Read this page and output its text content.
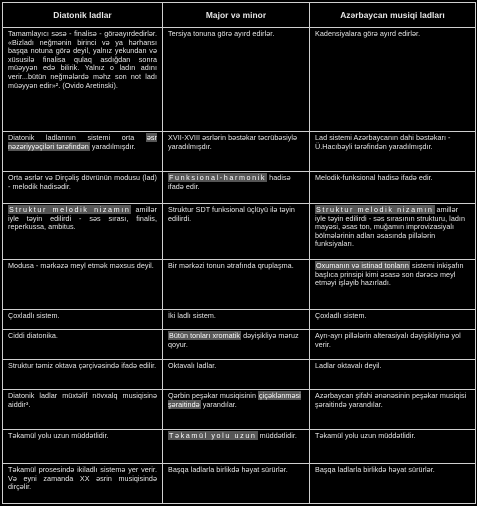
Diatonik ladlar	Major və minor	Azərbaycan musiqi ladları
Tamamlayıcı səsə - finalisə - görəayırdedirlər. «Bizladı neğmənin birinci və ya hərhansı başqa notuna görə deyil, yalnız yekundan və xüsusilə finalisa qulaq asdığdan sonra müəyyən edə bilirik. Yalnız o ladın adını verir...bütün neğmələrdə məhz son not ladı müəyyən edir»². (Ovido Aretinski).	Tersiya tonuna görə ayırd edirlər.	Kadensiyalara görə ayırd edirlər.
Diatonik ladlarının sistemi orta əsr nəzəriyyəçiləri tərəfindən yaradılmışdır.	XVII-XVIII əsrlərin bəstəkar təcrübəsiylə yaradılmışdır.	Lad sistemi Azərbaycanın dahi bəstəkarı - Ü.Hacıbəyli tərəfindən yaradılmışdır.
Orta əsrlər və Dirçəliş dövrünün modusu (lad) - melodik hadisədir.	Funksional-harmonik hadisə ifadə edir.	Melodik-funksional hadisə ifadə edir.
Struktur melodik nizamın amillər iyle təyin edilirdi - səs sırası, finalis, reperkussa, ambitus.	Struktur SDT funksional üçlüyü ilə təyin edilirdi.	Struktur melodik nizamın amillər iyle təyin edilirdi - səs sırasının strukturu, ladın mayəsi, əsas ton, muğamın improvizasiyalı bölmələrinin adları əsasında pillələrin funksiyaları.
Modusa - mərkəzə meyl etmək məxsus deyil.	Bir mərkəzi tonun ətrafında qruplaşma.	Oxumanın və istinad tonların sistemi inkişafın başlıca prinsipi kimi əsasə son dərəcə meyl etməyi işləyib hazırladı.
Çoxladlı sistem.	İki ladlı sistem.	Çoxladlı sistem.
Ciddi diatonika.	Bütün tonları xromatik dəyişikliyə məruz qoyur.	Ayrı-ayrı pillələrin alterasiyalı dəyişikliyinə yol verir.
Struktur təmiz oktava çərçivəsində ifadə edilir.	Oktavalı ladlar.	Ladlar oktavalı deyil.
Diatonik ladlar müxtəlif növxalq musiqisinə aiddir³.	Qərbin peşəkar musiqisinin çiçəklənməsi şəraitində yarandılar.	Azərbaycan şifahi ənənəsinin peşəkar musiqisi şəraitində yarandılar.
Təkamül yolu uzun müddətlidir.	Təkamül yolu uzun müddətlidir.	Təkamül yolu uzun müddətlidir.
Təkamül prosesində ikiladlı sistemə yer verir. Və eyni zamanda XX əsrin musiqisində dirçəlir.	Başqa ladlarla birlikdə həyat sürürlər.	Başqa ladlarla birlikdə həyat sürürlər.
